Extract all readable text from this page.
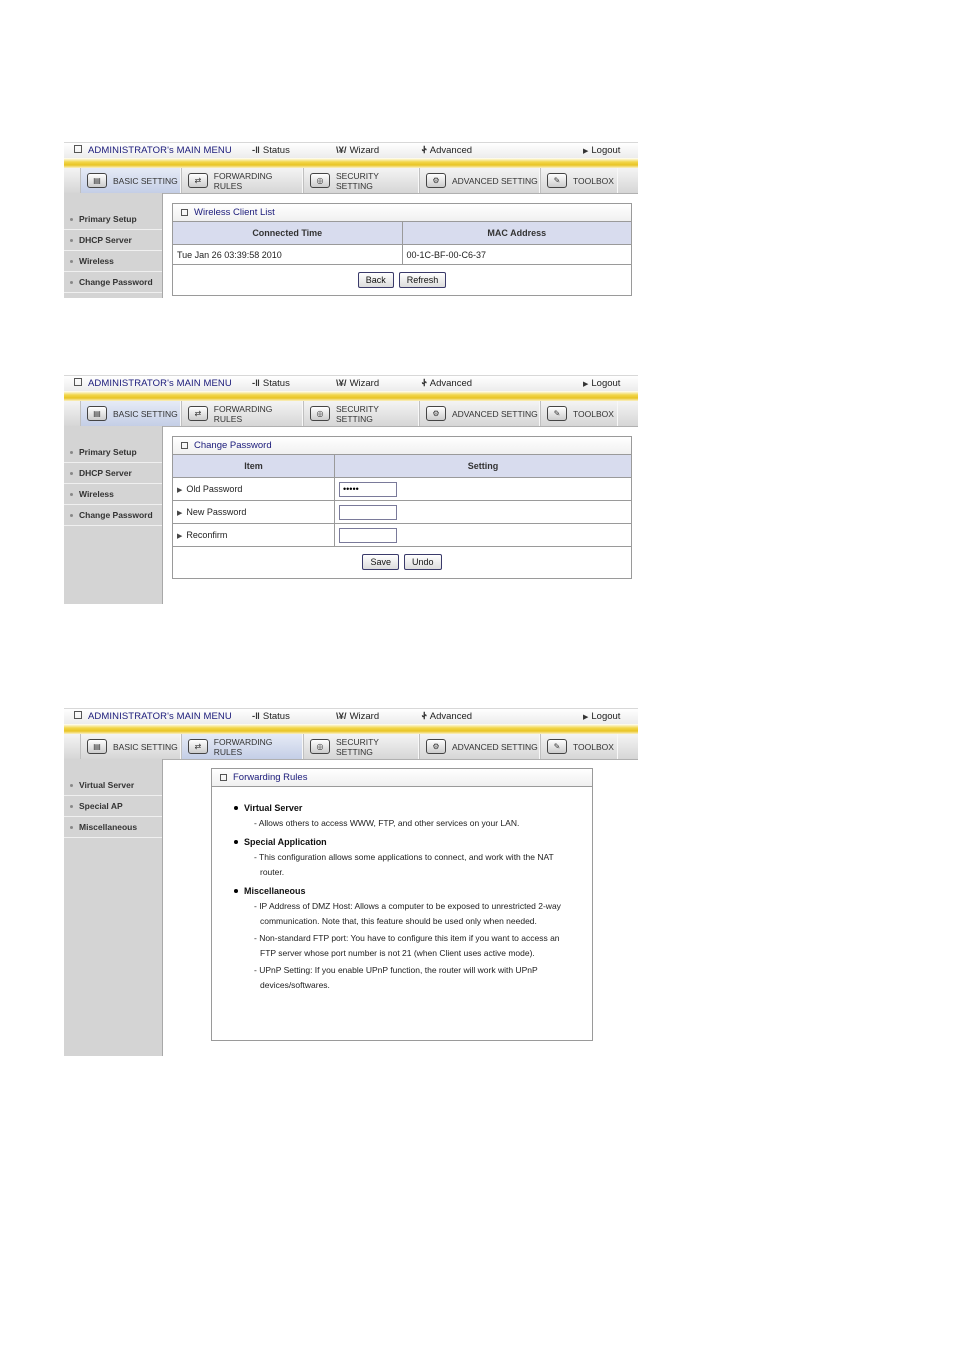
ADMINISTRATOR's MAIN MENU -ǁ Status	\¥/ Wizard	Ꮠ Advanced	▶ Logout
▤	BASIC SETTING	⇄	FORWARDING RULES	◎	SECURITY SETTING	⚙	ADVANCED SETTING	✎	TOOLBOX
Primary Setup
DHCP Server
Wireless
Change Password
Wireless Client List
Connected Time	MAC Address
Tue Jan 26 03:39:58 2010	00-1C-BF-00-C6-37
Back	Refresh
ADMINISTRATOR's MAIN MENU -ǁ Status	\¥/ Wizard	Ꮠ Advanced	▶ Logout
▤	BASIC SETTING	⇄	FORWARDING RULES	◎	SECURITY SETTING	⚙	ADVANCED SETTING	✎	TOOLBOX
Primary Setup
DHCP Server
Wireless
Change Password
Change Password
Item	Setting
▶ Old Password	•••••
▶ New Password	
▶ Reconfirm	
Save	Undo
ADMINISTRATOR's MAIN MENU -ǁ Status	\¥/ Wizard	Ꮠ Advanced	▶ Logout
▤	BASIC SETTING	⇄	FORWARDING RULES	◎	SECURITY SETTING	⚙	ADVANCED SETTING	✎	TOOLBOX
Virtual Server
Special AP
Miscellaneous
Forwarding Rules
Virtual Server
- Allows others to access WWW, FTP, and other services on your LAN.
Special Application
- This configuration allows some applications to connect, and work with the NAT router.
Miscellaneous
- IP Address of DMZ Host: Allows a computer to be exposed to unrestricted 2-way communication. Note that, this feature should be used only when needed.
- Non-standard FTP port: You have to configure this item if you want to access an FTP server whose port number is not 21 (when Client uses active mode).
- UPnP Setting: If you enable UPnP function, the router will work with UPnP devices/softwares.
